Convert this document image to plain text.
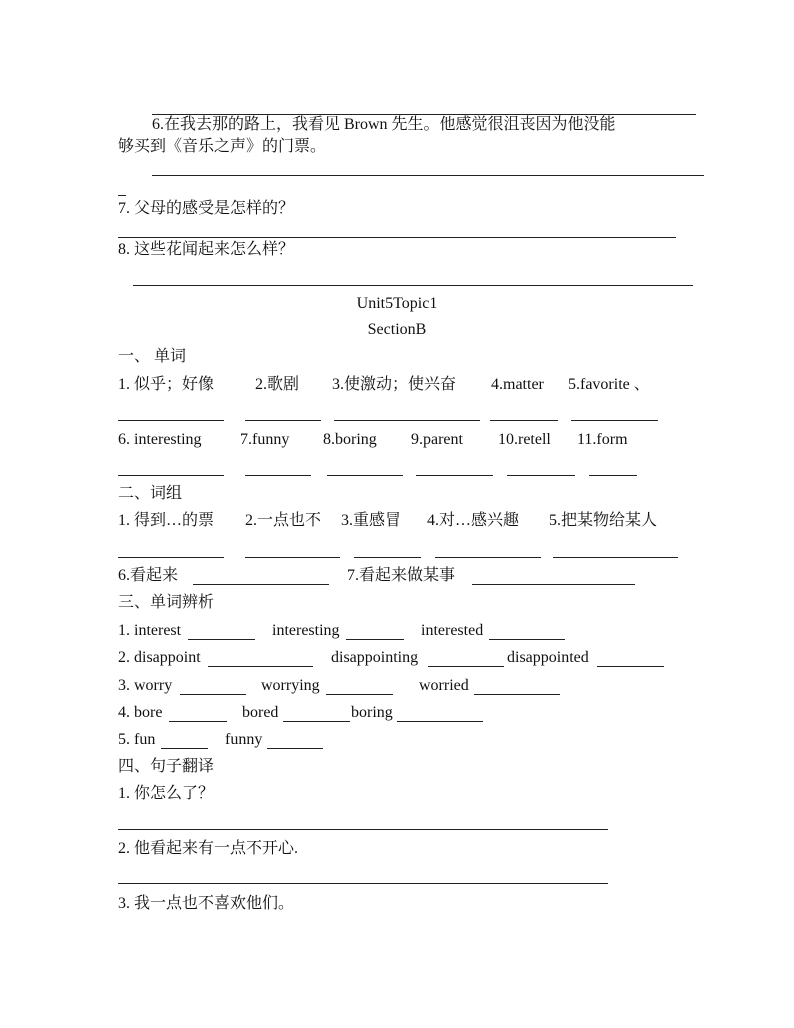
6.在我去那的路上，我看见 Brown 先生。他感觉很沮丧因为他没能
够买到《音乐之声》的门票。
7. 父母的感受是怎样的？
8. 这些花闻起来怎么样？
Unit5Topic1
SectionB
一、 单词
1. 似乎；好像	2.歌剧 3.使激动；使兴奋 4.matter 5.favorite 、
6. interesting 7.funny 8.boring 9.parent 10.retell 11.form
二、词组
1. 得到…的票 2.一点也不 3.重感冒 4.对…感兴趣 5.把某物给某人
6.看起来	7.看起来做某事
三、单词辨析
1. interest	interesting	interested
2. disappoint	disappointing	disappointed
3. worry	worrying	worried
4. bore	bored	boring
5. fun	funny
四、句子翻译
1. 你怎么了？
2. 他看起来有一点不开心.
3. 我一点也不喜欢他们。
